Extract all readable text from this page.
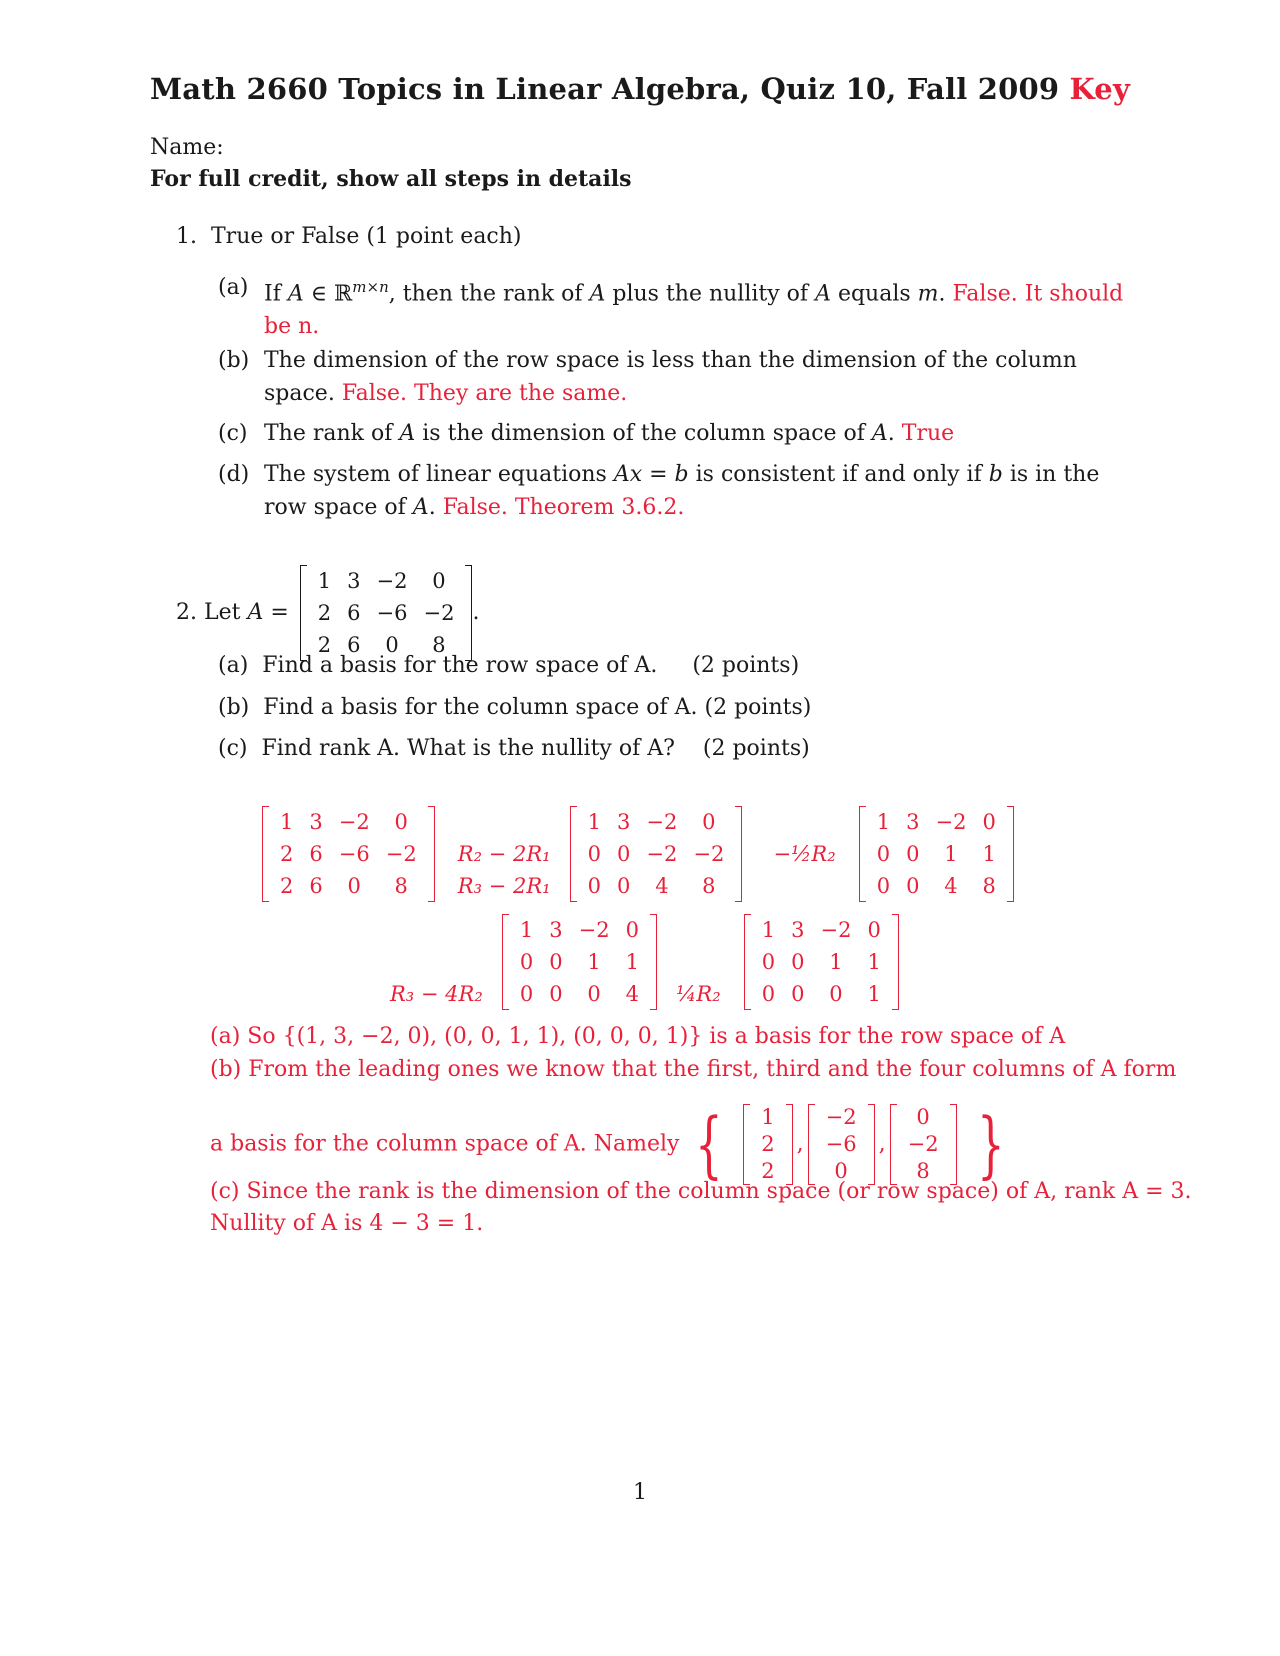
Math 2660 Topics in Linear Algebra, Quiz 10, Fall 2009 Key
Name:
For full credit, show all steps in details
1. True or False (1 point each)
(a) If A ∈ ℝ$^{m\times n}$, then the rank of A plus the nullity of A equals m. False. It should be n.
(b) The dimension of the row space is less than the dimension of the column space. False. They are the same.
(c) The rank of A is the dimension of the column space of A. True
(d) The system of linear equations Ax = b is consistent if and only if b is in the row space of A. False. Theorem 3.6.2.
2. Let A =
1	3	−2	0
2	6	−6	−2
2	6	0	8
.
(a) Find a basis for the row space of A. (2 points)
(b) Find a basis for the column space of A. (2 points)
(c) Find rank A. What is the nullity of A? (2 points)
1	3	−2	0
2	6	−6	−2
2	6	0	8

R₂ − 2R₁
R₃ − 2R₁

1	3	−2	0
0	0	−2	−2
0	0	4	8

−½R₂

1	3	−2	0
0	0	1	1
0	0	4	8

R₃ − 4R₂

1	3	−2	0
0	0	1	1
0	0	0	4

¼R₂

1	3	−2	0
0	0	1	1
0	0	0	1
(a) So {(1, 3, −2, 0), (0, 0, 1, 1), (0, 0, 0, 1)} is a basis for the row space of A
(b) From the leading ones we know that the first, third and the four columns of A form
a basis for the column space of A. Namely { 1
2
2
,
−2
−6
0
,
0
−2
8 }
(c) Since the rank is the dimension of the column space (or row space) of A, rank A = 3.
Nullity of A is 4 − 3 = 1.
1
